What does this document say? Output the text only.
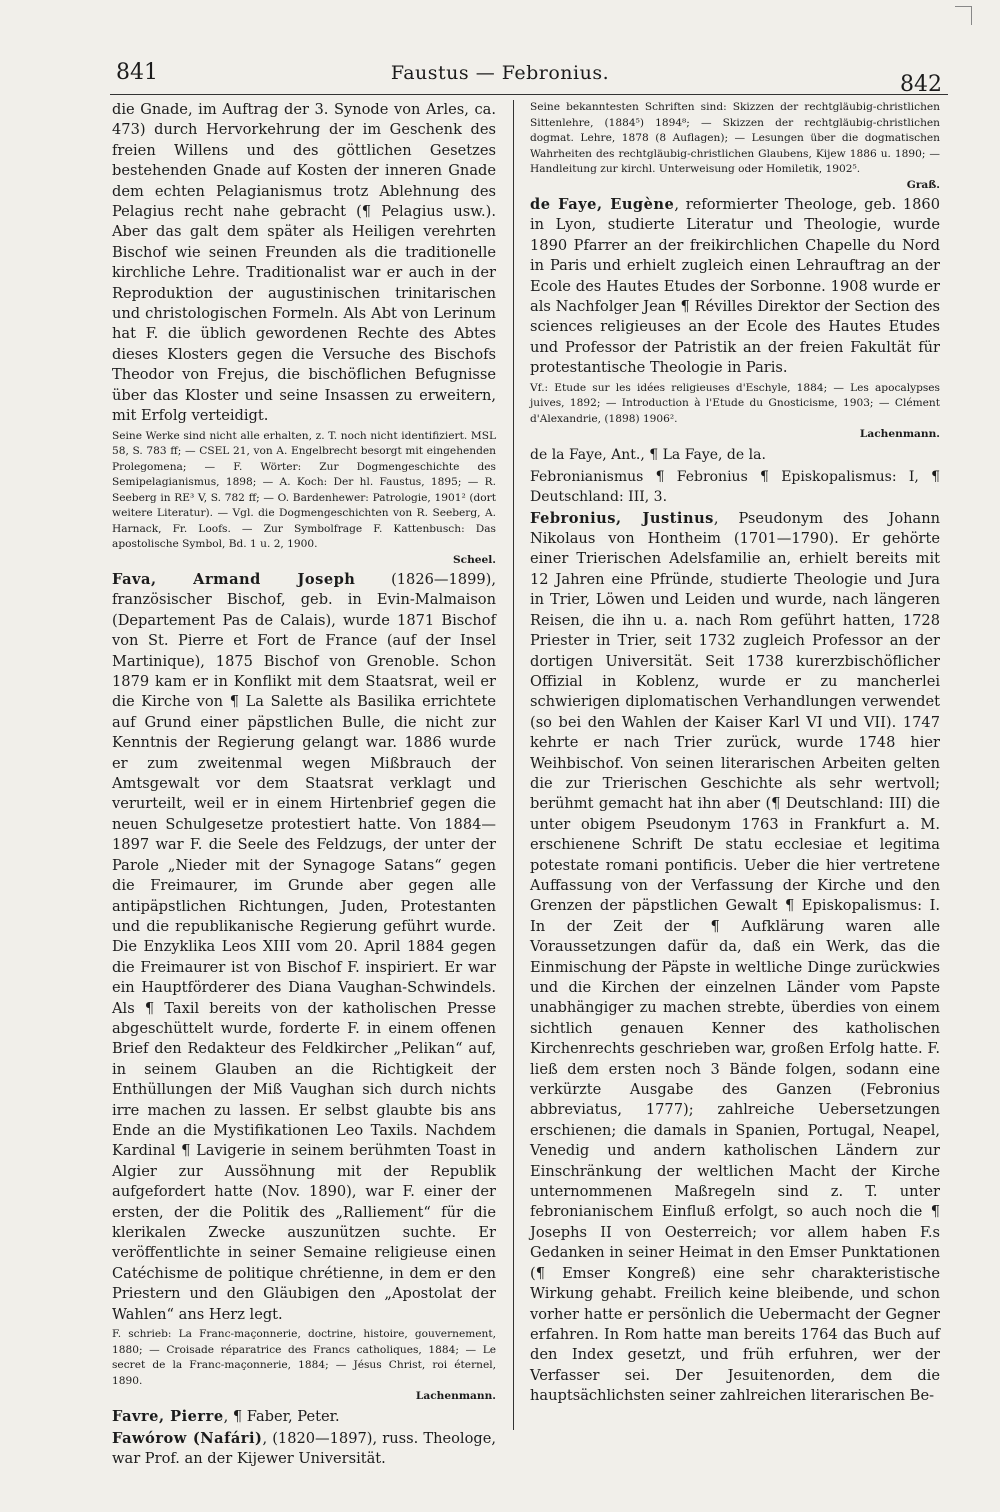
841	Faustus — Febronius.	842

die Gnade, im Auftrag der 3. Synode von Arles, ca. 473) durch Hervorkehrung der im Geschenk des freien Willens und des göttlichen Gesetzes bestehenden Gnade auf Kosten der inneren Gnade dem echten Pelagianismus trotz Ablehnung des Pelagius recht nahe gebracht (¶ Pelagius usw.). Aber das galt dem später als Heiligen verehrten Bischof wie seinen Freunden als die traditionelle kirchliche Lehre. Traditionalist war er auch in der Reproduktion der augustinischen trinitarischen und christologischen Formeln. Als Abt von Lerinum hat F. die üblich gewordenen Rechte des Abtes dieses Klosters gegen die Versuche des Bischofs Theodor von Frejus, die bischöflichen Befugnisse über das Kloster und seine Insassen zu erweitern, mit Erfolg verteidigt.

Seine Werke sind nicht alle erhalten, z. T. noch nicht identifiziert. MSL 58, S. 783 ff; — CSEL 21, von A. Engelbrecht besorgt mit eingehenden Prolegomena; — F. Wörter: Zur Dogmengeschichte des Semipelagianismus, 1898; — A. Koch: Der hl. Faustus, 1895; — R. Seeberg in RE³ V, S. 782 ff; — O. Bardenhewer: Patrologie, 1901² (dort weitere Literatur). — Vgl. die Dogmengeschichten von R. Seeberg, A. Harnack, Fr. Loofs. — Zur Symbolfrage F. Kattenbusch: Das apostolische Symbol, Bd. 1 u. 2, 1900.
Scheel.

Fava, Armand Joseph (1826—1899), französischer Bischof, geb. in Evin-Malmaison (Departement Pas de Calais), wurde 1871 Bischof von St. Pierre et Fort de France (auf der Insel Martinique), 1875 Bischof von Grenoble. Schon 1879 kam er in Konflikt mit dem Staatsrat, weil er die Kirche von ¶ La Salette als Basilika errichtete auf Grund einer päpstlichen Bulle, die nicht zur Kenntnis der Regierung gelangt war. 1886 wurde er zum zweitenmal wegen Mißbrauch der Amtsgewalt vor dem Staatsrat verklagt und verurteilt, weil er in einem Hirtenbrief gegen die neuen Schulgesetze protestiert hatte. Von 1884—1897 war F. die Seele des Feldzugs, der unter der Parole „Nieder mit der Synagoge Satans“ gegen die Freimaurer, im Grunde aber gegen alle antipäpstlichen Richtungen, Juden, Protestanten und die republikanische Regierung geführt wurde. Die Enzyklika Leos XIII vom 20. April 1884 gegen die Freimaurer ist von Bischof F. inspiriert. Er war ein Hauptförderer des Diana Vaughan-Schwindels. Als ¶ Taxil bereits von der katholischen Presse abgeschüttelt wurde, forderte F. in einem offenen Brief den Redakteur des Feldkircher „Pelikan“ auf, in seinem Glauben an die Richtigkeit der Enthüllungen der Miß Vaughan sich durch nichts irre machen zu lassen. Er selbst glaubte bis ans Ende an die Mystifikationen Leo Taxils. Nachdem Kardinal ¶ Lavigerie in seinem berühmten Toast in Algier zur Aussöhnung mit der Republik aufgefordert hatte (Nov. 1890), war F. einer der ersten, der die Politik des „Ralliement“ für die klerikalen Zwecke auszunützen suchte. Er veröffentlichte in seiner Semaine religieuse einen Catéchisme de politique chrétienne, in dem er den Priestern und den Gläubigen den „Apostolat der Wahlen“ ans Herz legt.

F. schrieb: La Franc-maçonnerie, doctrine, histoire, gouvernement, 1880; — Croisade réparatrice des Francs catholiques, 1884; — Le secret de la Franc-maçonnerie, 1884; — Jésus Christ, roi éternel, 1890.
Lachenmann.

Favre, Pierre, ¶ Faber, Peter.

Fawórow (Nafári), (1820—1897), russ. Theologe, war Prof. an der Kijewer Universität.

Seine bekanntesten Schriften sind: Skizzen der rechtgläubig-christlichen Sittenlehre, (1884⁵) 1894⁸; — Skizzen der rechtgläubig-christlichen dogmat. Lehre, 1878 (8 Auflagen); — Lesungen über die dogmatischen Wahrheiten des rechtgläubig-christlichen Glaubens, Kijew 1886 u. 1890; — Handleitung zur kirchl. Unterweisung oder Homiletik, 1902⁵.
Graß.

de Faye, Eugène, reformierter Theologe, geb. 1860 in Lyon, studierte Literatur und Theologie, wurde 1890 Pfarrer an der freikirchlichen Chapelle du Nord in Paris und erhielt zugleich einen Lehrauftrag an der Ecole des Hautes Etudes der Sorbonne. 1908 wurde er als Nachfolger Jean ¶ Révilles Direktor der Section des sciences religieuses an der Ecole des Hautes Etudes und Professor der Patristik an der freien Fakultät für protestantische Theologie in Paris.

Vf.: Etude sur les idées religieuses d'Eschyle, 1884; — Les apocalypses juives, 1892; — Introduction à l'Etude du Gnosticisme, 1903; — Clément d'Alexandrie, (1898) 1906².
Lachenmann.

de la Faye, Ant., ¶ La Faye, de la.

Febronianismus ¶ Febronius ¶ Episkopalismus: I, ¶ Deutschland: III, 3.

Febronius, Justinus, Pseudonym des Johann Nikolaus von Hontheim (1701—1790). Er gehörte einer Trierischen Adelsfamilie an, erhielt bereits mit 12 Jahren eine Pfründe, studierte Theologie und Jura in Trier, Löwen und Leiden und wurde, nach längeren Reisen, die ihn u. a. nach Rom geführt hatten, 1728 Priester in Trier, seit 1732 zugleich Professor an der dortigen Universität. Seit 1738 kurerzbischöflicher Offizial in Koblenz, wurde er zu mancherlei schwierigen diplomatischen Verhandlungen verwendet (so bei den Wahlen der Kaiser Karl VI und VII). 1747 kehrte er nach Trier zurück, wurde 1748 hier Weihbischof. Von seinen literarischen Arbeiten gelten die zur Trierischen Geschichte als sehr wertvoll; berühmt gemacht hat ihn aber (¶ Deutschland: III) die unter obigem Pseudonym 1763 in Frankfurt a. M. erschienene Schrift De statu ecclesiae et legitima potestate romani pontificis. Ueber die hier vertretene Auffassung von der Verfassung der Kirche und den Grenzen der päpstlichen Gewalt ¶ Episkopalismus: I. In der Zeit der ¶ Aufklärung waren alle Voraussetzungen dafür da, daß ein Werk, das die Einmischung der Päpste in weltliche Dinge zurückwies und die Kirchen der einzelnen Länder vom Papste unabhängiger zu machen strebte, überdies von einem sichtlich genauen Kenner des katholischen Kirchenrechts geschrieben war, großen Erfolg hatte. F. ließ dem ersten noch 3 Bände folgen, sodann eine verkürzte Ausgabe des Ganzen (Febronius abbreviatus, 1777); zahlreiche Uebersetzungen erschienen; die damals in Spanien, Portugal, Neapel, Venedig und andern katholischen Ländern zur Einschränkung der weltlichen Macht der Kirche unternommenen Maßregeln sind z. T. unter febronianischem Einfluß erfolgt, so auch noch die ¶ Josephs II von Oesterreich; vor allem haben F.s Gedanken in seiner Heimat in den Emser Punktationen (¶ Emser Kongreß) eine sehr charakteristische Wirkung gehabt. Freilich keine bleibende, und schon vorher hatte er persönlich die Uebermacht der Gegner erfahren. In Rom hatte man bereits 1764 das Buch auf den Index gesetzt, und früh erfuhren, wer der Verfasser sei. Der Jesuitenorden, dem die hauptsächlichsten seiner zahlreichen literarischen Be-
